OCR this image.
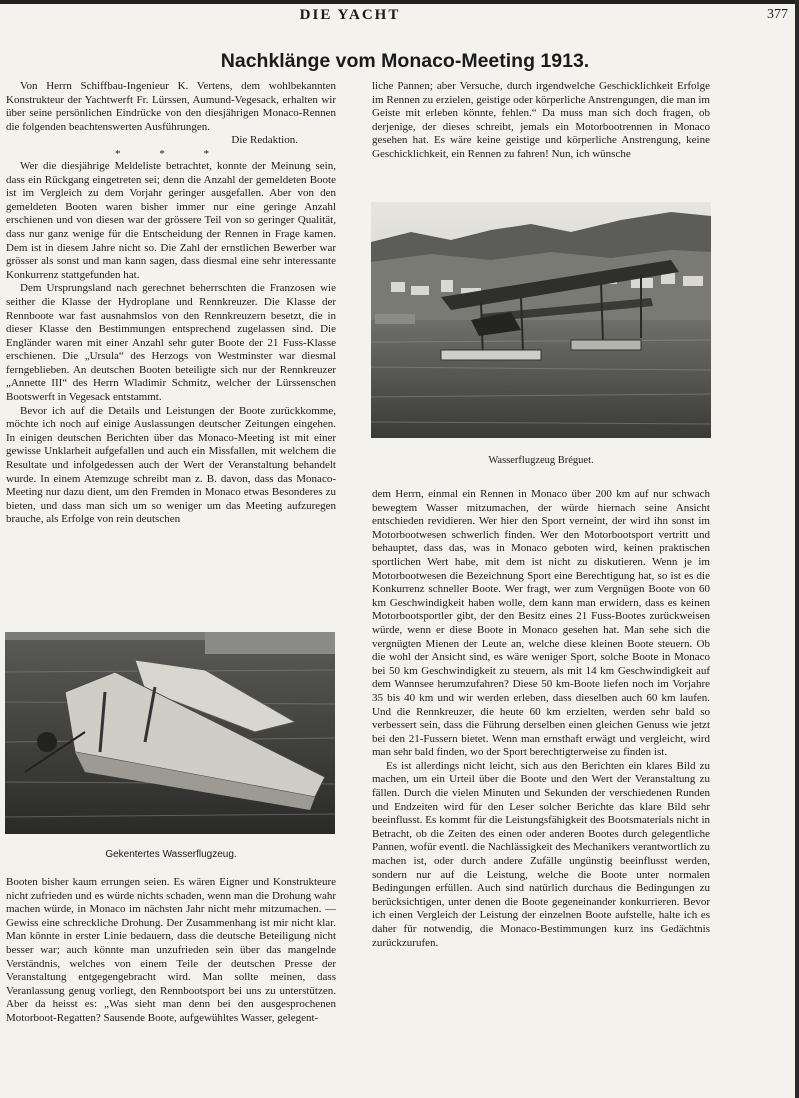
DIE YACHT	377
Nachklänge vom Monaco-Meeting 1913.

Von Herrn Schiffbau-Ingenieur K. Vertens, dem wohlbekannten Konstrukteur der Yachtwerft Fr. Lürssen, Aumund-Vegesack, erhalten wir über seine persönlichen Eindrücke von den diesjährigen Monaco-Rennen die folgenden beachtenswerten Ausführungen.

Die Redaktion.

* * *

Wer die diesjährige Meldeliste betrachtet, konnte der Meinung sein, dass ein Rückgang eingetreten sei; denn die Anzahl der gemeldeten Boote ist im Vergleich zu dem Vorjahr geringer ausgefallen. Aber von den gemeldeten Booten waren bisher immer nur eine geringe Anzahl erschienen und von diesen war der grössere Teil von so geringer Qualität, dass nur ganz wenige für die Entscheidung der Rennen in Frage kamen. Dem ist in diesem Jahre nicht so. Die Zahl der ernstlichen Bewerber war grösser als sonst und man kann sagen, dass diesmal eine sehr interessante Konkurrenz stattgefunden hat.

Dem Ursprungsland nach gerechnet beherrschten die Franzosen wie seither die Klasse der Hydroplane und Rennkreuzer. Die Klasse der Rennboote war fast ausnahmslos von den Rennkreuzern besetzt, die in dieser Klasse den Bestimmungen entsprechend zugelassen sind. Die Engländer waren mit einer Anzahl sehr guter Boote der 21 Fuss-Klasse erschienen. Die „Ursula“ des Herzogs von Westminster war diesmal ferngeblieben. An deutschen Booten beteiligte sich nur der Rennkreuzer „Annette III“ des Herrn Wladimir Schmitz, welcher der Lürssenschen Bootswerft in Vegesack entstammt.

Bevor ich auf die Details und Leistungen der Boote zurückkomme, möchte ich noch auf einige Auslassungen deutscher Zeitungen eingehen. In einigen deutschen Berichten über das Monaco-Meeting ist mit einer gewisse Unklarheit aufgefallen und auch ein Missfallen, mit welchem die Resultate und infolgedessen auch der Wert der Veranstaltung behandelt wurde. In einem Atemzuge schreibt man z. B. davon, dass das Monaco-Meeting nur dazu dient, um den Fremden in Monaco etwas Besonderes zu bieten, und dass man sich um so weniger um das Meeting aufzuregen brauche, als Erfolge von rein deutschen

Gekentertes Wasserflugzeug.

Booten bisher kaum errungen seien. Es wären Eigner und Konstrukteure nicht zufrieden und es würde nichts schaden, wenn man die Drohung wahr machen würde, in Monaco im nächsten Jahr nicht mehr mitzumachen. — Gewiss eine schreckliche Drohung. Der Zusammenhang ist mir nicht klar. Man könnte in erster Linie bedauern, dass die deutsche Beteiligung nicht besser war; auch könnte man unzufrieden sein über das mangelnde Verständnis, welches von einem Teile der deutschen Presse der Veranstaltung entgegengebracht wird. Man sollte meinen, dass Veranlassung genug vorliegt, den Rennbootsport bei uns zu unterstützen. Aber da heisst es: „Was sieht man denn bei den ausgesprochenen Motorboot-Regatten? Sausende Boote, aufgewühltes Wasser, gelegent-

liche Pannen; aber Versuche, durch irgendwelche Geschicklichkeit Erfolge im Rennen zu erzielen, geistige oder körperliche Anstrengungen, die man im Geiste mit erleben könnte, fehlen.“ Da muss man sich doch fragen, ob derjenige, der dieses schreibt, jemals ein Motorbootrennen in Monaco gesehen hat. Es wäre keine geistige und körperliche Anstrengung, keine Geschicklichkeit, ein Rennen zu fahren! Nun, ich wünsche

Wasserflugzeug Bréguet.

dem Herrn, einmal ein Rennen in Monaco über 200 km auf nur schwach bewegtem Wasser mitzumachen, der würde hiernach seine Ansicht entschieden revidieren. Wer hier den Sport verneint, der wird ihn sonst im Motorbootwesen schwerlich finden. Wer den Motorbootsport vertritt und behauptet, dass das, was in Monaco geboten wird, keinen praktischen sportlichen Wert habe, mit dem ist nicht zu diskutieren. Wenn je im Motorbootwesen die Bezeichnung Sport eine Berechtigung hat, so ist es die Konkurrenz schneller Boote. Wer fragt, wer zum Vergnügen Boote von 60 km Geschwindigkeit haben wolle, dem kann man erwidern, dass es keinen Motorbootsportler gibt, der den Besitz eines 21 Fuss-Bootes zurückweisen würde, wenn er diese Boote in Monaco gesehen hat. Man sehe sich die vergnügten Mienen der Leute an, welche diese kleinen Boote steuern. Ob die wohl der Ansicht sind, es wäre weniger Sport, solche Boote in Monaco bei 50 km Geschwindigkeit zu steuern, als mit 14 km Geschwindigkeit auf dem Wannsee herumzufahren? Diese 50 km-Boote liefen noch im Vorjahre 35 bis 40 km und wir werden erleben, dass dieselben auch 60 km laufen. Und die Rennkreuzer, die heute 60 km erzielten, werden sehr bald so verbessert sein, dass die Führung derselben einen gleichen Genuss wie jetzt bei den 21-Fussern bietet. Wenn man ernsthaft erwägt und vergleicht, wird man sehr bald finden, wo der Sport berechtigterweise zu finden ist.

Es ist allerdings nicht leicht, sich aus den Berichten ein klares Bild zu machen, um ein Urteil über die Boote und den Wert der Veranstaltung zu fällen. Durch die vielen Minuten und Sekunden der verschiedenen Runden und Endzeiten wird für den Leser solcher Berichte das klare Bild sehr beeinflusst. Es kommt für die Leistungsfähigkeit des Bootsmaterials nicht in Betracht, ob die Zeiten des einen oder anderen Bootes durch gelegentliche Pannen, wofür eventl. die Nachlässigkeit des Mechanikers verantwortlich zu machen ist, oder durch andere Zufälle ungünstig beeinflusst werden, sondern nur auf die Leistung, welche die Boote unter normalen Bedingungen erfüllen. Auch sind natürlich durchaus die Bedingungen zu berücksichtigen, unter denen die Boote gegeneinander konkurrieren. Bevor ich einen Vergleich der Leistung der einzelnen Boote aufstelle, halte ich es daher für notwendig, die Monaco-Bestimmungen kurz ins Gedächtnis zurückzurufen.
